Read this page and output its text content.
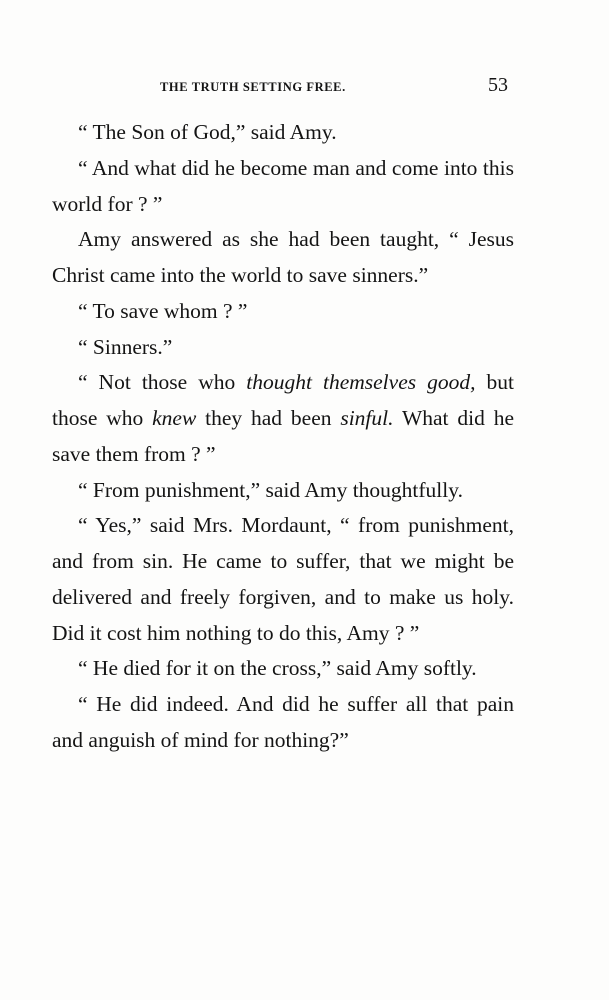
THE TRUTH SETTING FREE.	53

“ The Son of God,” said Amy.

“ And what did he become man and come into this world for ? ”

Amy answered as she had been taught, “ Jesus Christ came into the world to save sinners.”

“ To save whom ? ”

“ Sinners.”

“ Not those who thought themselves good, but those who knew they had been sinful. What did he save them from ? ”

“ From punishment,” said Amy thoughtfully.

“ Yes,” said Mrs. Mordaunt, “ from punishment, and from sin. He came to suffer, that we might be delivered and freely forgiven, and to make us holy. Did it cost him nothing to do this, Amy ? ”

“ He died for it on the cross,” said Amy softly.

“ He did indeed. And did he suffer all that pain and anguish of mind for nothing?”
